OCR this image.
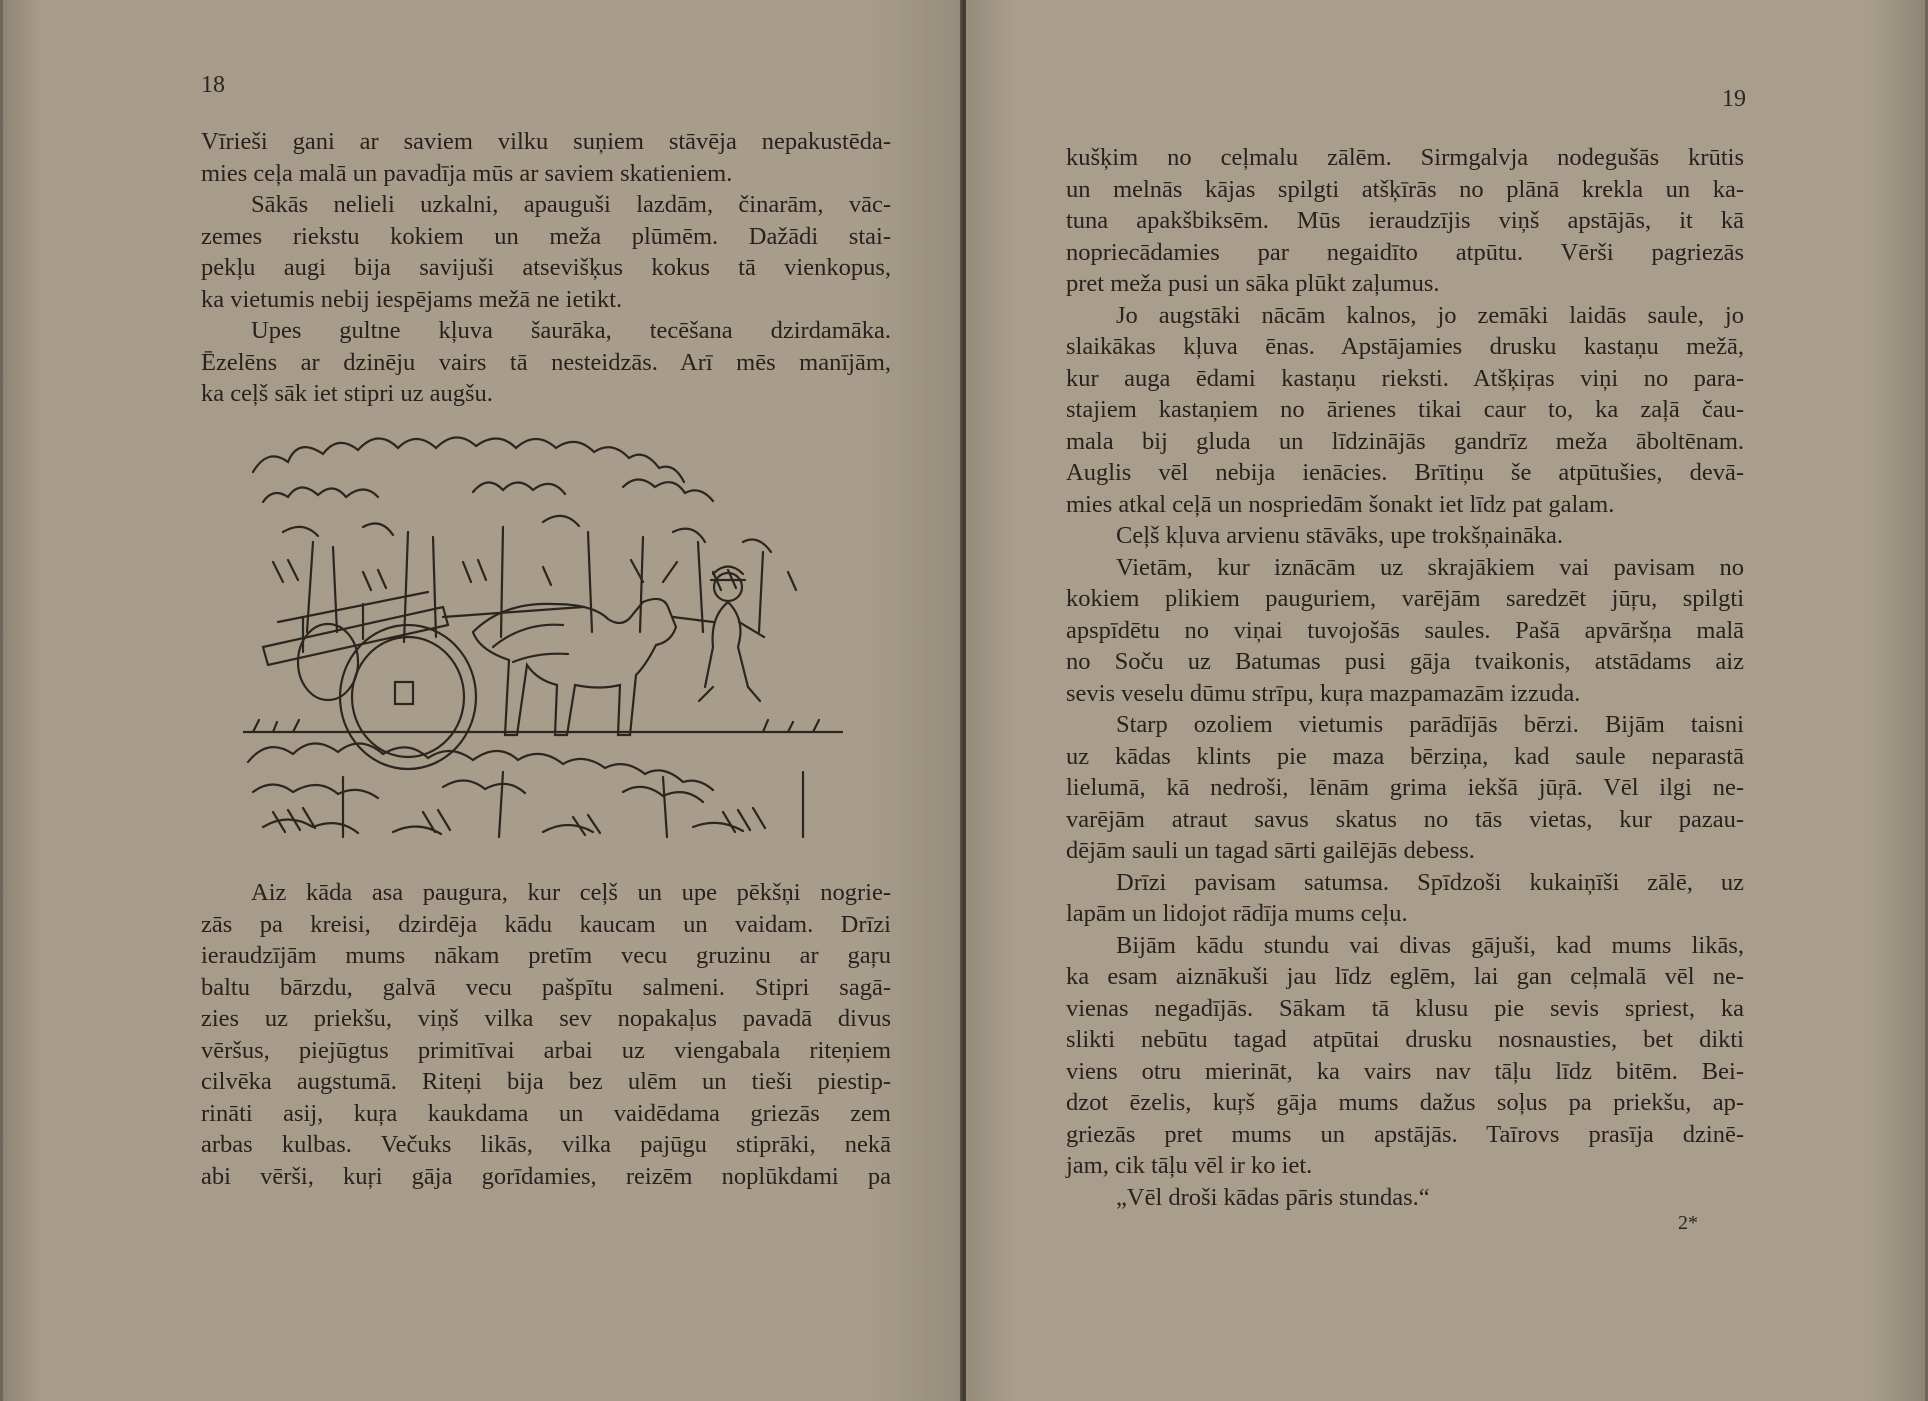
18

Vīrieši gani ar saviem vilku suņiem stāvēja nepakustēda-
mies ceļa malā un pavadīja mūs ar saviem skatieniem.

Sākās nelieli uzkalni, apauguši lazdām, činarām, vāc-
zemes riekstu kokiem un meža plūmēm. Dažādi stai-
pekļu augi bija savijuši atsevišķus kokus tā vienkopus,
ka vietumis nebij iespējams mežā ne ietikt.

Upes gultne kļuva šaurāka, tecēšana dzirdamāka.
Ēzelēns ar dzinēju vairs tā nesteidzās. Arī mēs manījām,
ka ceļš sāk iet stipri uz augšu.

Aiz kāda asa paugura, kur ceļš un upe pēkšņi nogrie-
zās pa kreisi, dzirdēja kādu kaucam un vaidam. Drīzi
ieraudzījām mums nākam pretīm vecu gruzinu ar gaŗu
baltu bārzdu, galvā vecu pašpītu salmeni. Stipri sagā-
zies uz priekšu, viņš vilka sev nopakaļus pavadā divus
vēršus, piejūgtus primitīvai arbai uz viengabala riteņiem
cilvēka augstumā. Riteņi bija bez ulēm un tieši piestip-
rināti asij, kuŗa kaukdama un vaidēdama griezās zem
arbas kulbas. Večuks likās, vilka pajūgu stiprāki, nekā
abi vērši, kuŗi gāja gorīdamies, reizēm noplūkdami pa

19

kušķim no ceļmalu zālēm. Sirmgalvja nodegušās krūtis
un melnās kājas spilgti atšķīrās no plānā krekla un ka-
tuna apakšbiksēm. Mūs ieraudzījis viņš apstājās, it kā
nopriecādamies par negaidīto atpūtu. Vērši pagriezās
pret meža pusi un sāka plūkt zaļumus.

Jo augstāki nācām kalnos, jo zemāki laidās saule, jo
slaikākas kļuva ēnas. Apstājamies drusku kastaņu mežā,
kur auga ēdami kastaņu rieksti. Atšķiŗas viņi no para-
stajiem kastaņiem no ārienes tikai caur to, ka zaļā čau-
mala bij gluda un līdzinājās gandrīz meža āboltēnam.
Auglis vēl nebija ienācies. Brītiņu še atpūtušies, devā-
mies atkal ceļā un nospriedām šonakt iet līdz pat galam.

Ceļš kļuva arvienu stāvāks, upe trokšņaināka.

Vietām, kur iznācām uz skrajākiem vai pavisam no
kokiem plikiem pauguriem, varējām saredzēt jūŗu, spilgti
apspīdētu no viņai tuvojošās saules. Pašā apvāršņa malā
no Soču uz Batumas pusi gāja tvaikonis, atstādams aiz
sevis veselu dūmu strīpu, kuŗa mazpamazām izzuda.

Starp ozoliem vietumis parādījās bērzi. Bijām taisni
uz kādas klints pie maza bērziņa, kad saule neparastā
lielumā, kā nedroši, lēnām grima iekšā jūŗā. Vēl ilgi ne-
varējām atraut savus skatus no tās vietas, kur pazau-
dējām sauli un tagad sārti gailējās debess.

Drīzi pavisam satumsa. Spīdzoši kukaiņīši zālē, uz
lapām un lidojot rādīja mums ceļu.

Bijām kādu stundu vai divas gājuši, kad mums likās,
ka esam aiznākuši jau līdz eglēm, lai gan ceļmalā vēl ne-
vienas negadījās. Sākam tā klusu pie sevis spriest, ka
slikti nebūtu tagad atpūtai drusku nosnausties, bet dikti
viens otru mierināt, ka vairs nav tāļu līdz bitēm. Bei-
dzot ēzelis, kuŗš gāja mums dažus soļus pa priekšu, ap-
griezās pret mums un apstājās. Taīrovs prasīja dzinē-
jam, cik tāļu vēl ir ko iet.

„Vēl droši kādas pāris stundas.“

2*
